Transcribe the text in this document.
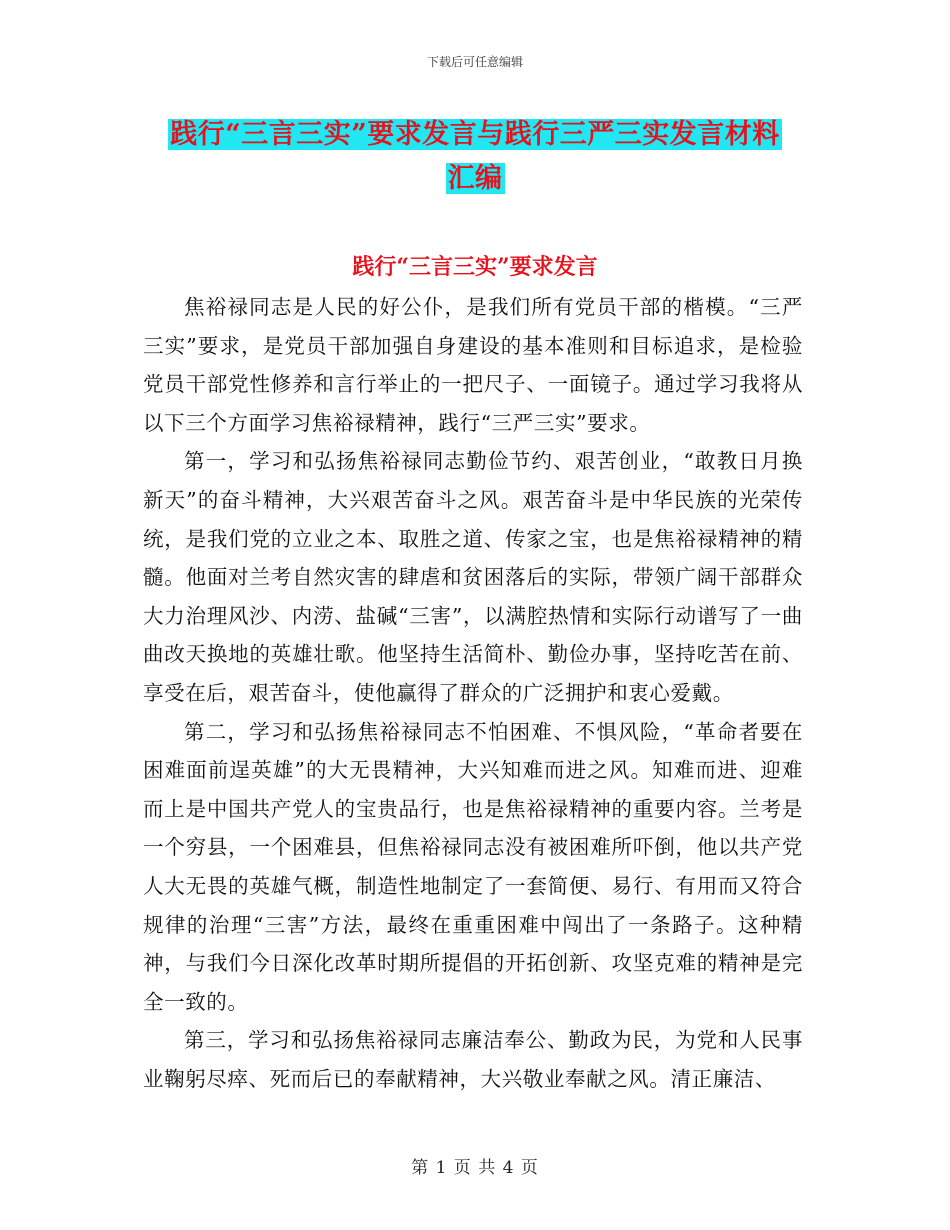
下载后可任意编辑
践行“三言三实”要求发言与践行三严三实发言材料
汇编
践行“三言三实”要求发言

焦裕禄同志是人民的好公仆，是我们所有党员干部的楷模。“三严三实”要求，是党员干部加强自身建设的基本准则和目标追求，是检验党员干部党性修养和言行举止的一把尺子、一面镜子。通过学习我将从以下三个方面学习焦裕禄精神，践行“三严三实”要求。

第一，学习和弘扬焦裕禄同志勤俭节约、艰苦创业，“敢教日月换新天”的奋斗精神，大兴艰苦奋斗之风。艰苦奋斗是中华民族的光荣传统，是我们党的立业之本、取胜之道、传家之宝，也是焦裕禄精神的精髓。他面对兰考自然灾害的肆虐和贫困落后的实际，带领广阔干部群众大力治理风沙、内涝、盐碱“三害”，以满腔热情和实际行动谱写了一曲曲改天换地的英雄壮歌。他坚持生活简朴、勤俭办事，坚持吃苦在前、享受在后，艰苦奋斗，使他赢得了群众的广泛拥护和衷心爱戴。

第二，学习和弘扬焦裕禄同志不怕困难、不惧风险，“革命者要在困难面前逞英雄”的大无畏精神，大兴知难而进之风。知难而进、迎难而上是中国共产党人的宝贵品行，也是焦裕禄精神的重要内容。兰考是一个穷县，一个困难县，但焦裕禄同志没有被困难所吓倒，他以共产党人大无畏的英雄气概，制造性地制定了一套简便、易行、有用而又符合规律的治理“三害”方法，最终在重重困难中闯出了一条路子。这种精神，与我们今日深化改革时期所提倡的开拓创新、攻坚克难的精神是完全一致的。

第三，学习和弘扬焦裕禄同志廉洁奉公、勤政为民，为党和人民事业鞠躬尽瘁、死而后已的奉献精神，大兴敬业奉献之风。清正廉洁、

第 1 页 共 4 页
